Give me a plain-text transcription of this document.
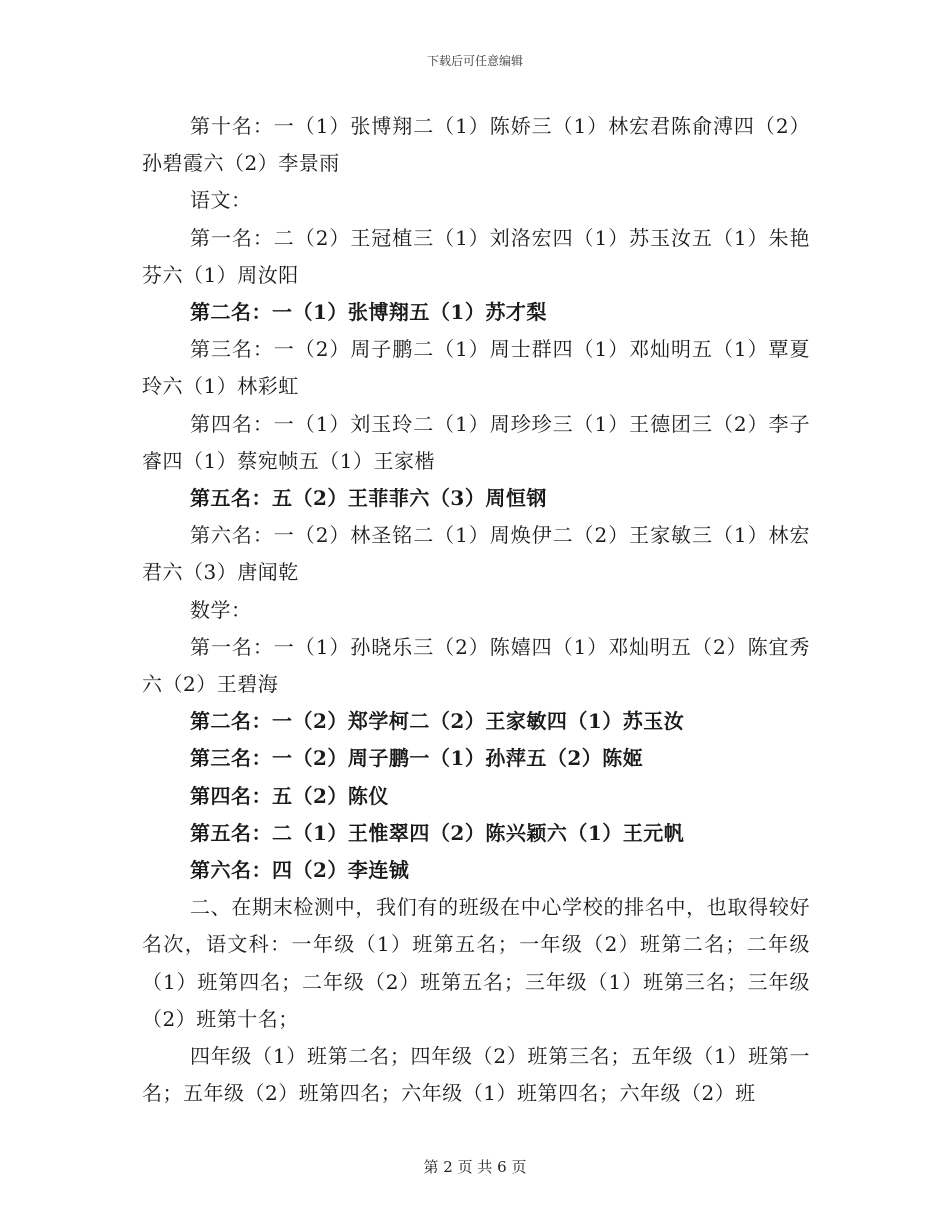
下载后可任意编辑

第十名：一（1）张博翔二（1）陈娇三（1）林宏君陈俞溥四（2）孙碧霞六（2）李景雨

语文：

第一名：二（2）王冠植三（1）刘洛宏四（1）苏玉汝五（1）朱艳芬六（1）周汝阳

第二名：一（1）张博翔五（1）苏才梨

第三名：一（2）周子鹏二（1）周士群四（1）邓灿明五（1）覃夏玲六（1）林彩虹

第四名：一（1）刘玉玲二（1）周珍珍三（1）王德团三（2）李子睿四（1）蔡宛帧五（1）王家楷

第五名：五（2）王菲菲六（3）周恒钢

第六名：一（2）林圣铭二（1）周焕伊二（2）王家敏三（1）林宏君六（3）唐闻乾

数学：

第一名：一（1）孙晓乐三（2）陈嬉四（1）邓灿明五（2）陈宜秀六（2）王碧海

第二名：一（2）郑学柯二（2）王家敏四（1）苏玉汝

第三名：一（2）周子鹏一（1）孙萍五（2）陈姬

第四名：五（2）陈仪

第五名：二（1）王惟翠四（2）陈兴颖六（1）王元帆

第六名：四（2）李连铖

二、在期末检测中，我们有的班级在中心学校的排名中，也取得较好名次，语文科：一年级（1）班第五名；一年级（2）班第二名；二年级（1）班第四名；二年级（2）班第五名；三年级（1）班第三名；三年级（2）班第十名；

四年级（1）班第二名；四年级（2）班第三名；五年级（1）班第一名；五年级（2）班第四名；六年级（1）班第四名；六年级（2）班

第 2 页 共 6 页
